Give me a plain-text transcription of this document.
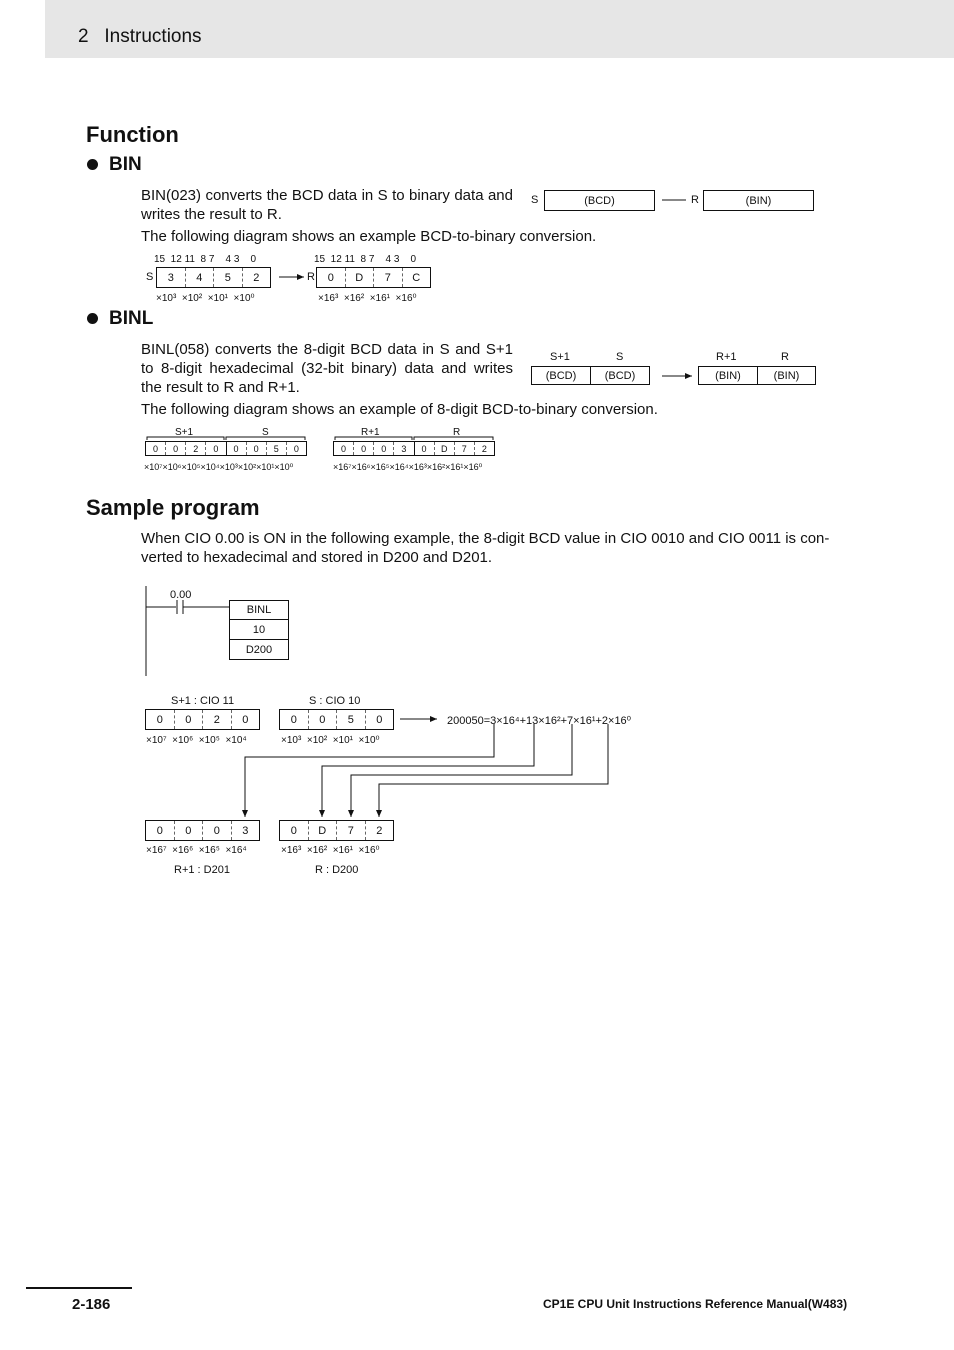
2   Instructions
Function
BIN

BIN(023) converts the BCD data in S to binary data and writes the result to R.

The following diagram shows an example BCD-to-binary conversion.

S	(BCD)	R	(BIN)
15  12 11  8 7    4 3    0	15  12 11  8 7    4 3    0
S	3	4	5	2	R	0	D	7	C
×10³  ×10²  ×10¹  ×10⁰	×16³  ×16²  ×16¹  ×16⁰
BINL

BINL(058) converts the 8-digit BCD data in S and S+1 to 8-digit hexadecimal (32-bit binary) data and writes the result to R and R+1.

The following diagram shows an example of 8-digit BCD-to-binary conversion.

S+1	S
(BCD)	(BCD)
R+1	R
(BIN)	(BIN)
S+1	S	R+1	R
0	0	2	0	0	0	5	0	0	0	0	3	0	D	7	2
×10⁷×10⁶×10⁵×10⁴×10³×10²×10¹×10⁰	×16⁷×16⁶×16⁵×16⁴×16³×16²×16¹×16⁰
Sample program

When CIO 0.00 is ON in the following example, the 8-digit BCD value in CIO 0010 and CIO 0011 is con- verted to hexadecimal and stored in D200 and D201.

0.00
BINL
10
D200
S+1 : CIO 11	S : CIO 10
0	0	2	0	0	0	5	0
×10⁷  ×10⁶  ×10⁵  ×10⁴	×10³  ×10²  ×10¹  ×10⁰
200050=3×16⁴+13×16²+7×16¹+2×16⁰
0	0	0	3	0	D	7	2
×16⁷  ×16⁶  ×16⁵  ×16⁴	×16³  ×16²  ×16¹  ×16⁰
R+1 : D201	R : D200
2-186	CP1E CPU Unit Instructions Reference Manual(W483)
